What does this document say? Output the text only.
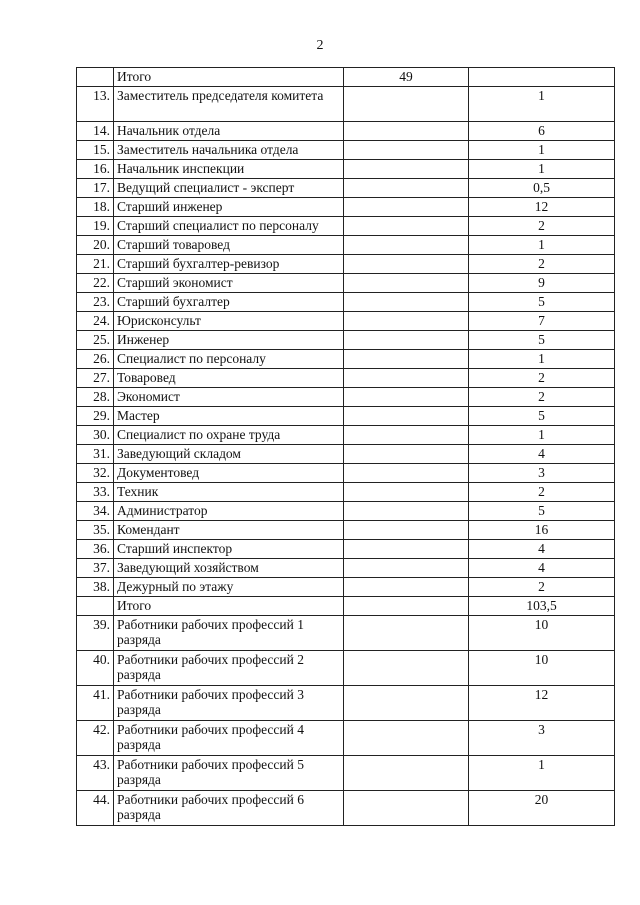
2
	Итого	49	
13.	Заместитель председателя комитета		1
14.	Начальник отдела		6
15.	Заместитель начальника отдела		1
16.	Начальник инспекции		1
17.	Ведущий специалист - эксперт		0,5
18.	Старший инженер		12
19.	Старший специалист по персоналу		2
20.	Старший товаровед		1
21.	Старший бухгалтер-ревизор		2
22.	Старший экономист		9
23.	Старший бухгалтер		5
24.	Юрисконсульт		7
25.	Инженер		5
26.	Специалист по персоналу		1
27.	Товаровед		2
28.	Экономист		2
29.	Мастер		5
30.	Специалист по охране труда		1
31.	Заведующий складом		4
32.	Документовед		3
33.	Техник		2
34.	Администратор		5
35.	Комендант		16
36.	Старший инспектор		4
37.	Заведующий хозяйством		4
38.	Дежурный по этажу		2
	Итого		103,5
39.	Работники рабочих профессий 1 разряда		10
40.	Работники рабочих профессий 2 разряда		10
41.	Работники рабочих профессий 3 разряда		12
42.	Работники рабочих профессий 4 разряда		3
43.	Работники рабочих профессий 5 разряда		1
44.	Работники рабочих профессий 6 разряда		20
